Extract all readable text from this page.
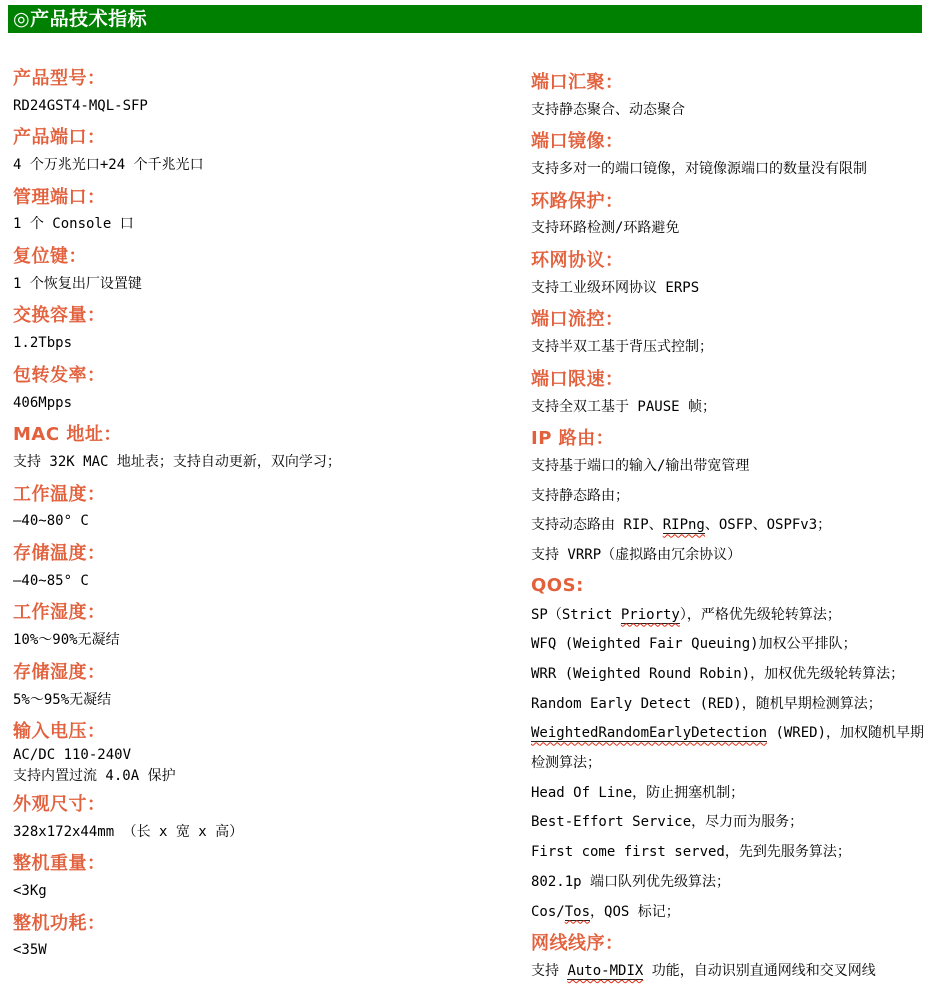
◎产品技术指标
产品型号：
RD24GST4-MQL-SFP
产品端口：
4 个万兆光口+24 个千兆光口
管理端口：
1 个 Console 口
复位键：
1 个恢复出厂设置键
交换容量：
1.2Tbps
包转发率：
406Mpps
MAC 地址：
支持 32K MAC 地址表；支持自动更新，双向学习；
工作温度：
—40~80° C
存储温度：
—40~85° C
工作湿度：
10%～90%无凝结
存储湿度：
5%～95%无凝结
输入电压：
AC/DC 110-240V
支持内置过流 4.0A 保护
外观尺寸：
328x172x44mm （长 x 宽 x 高）
整机重量：
<3Kg
整机功耗：
<35W
端口汇聚：
支持静态聚合、动态聚合
端口镜像：
支持多对一的端口镜像，对镜像源端口的数量没有限制
环路保护：
支持环路检测/环路避免
环网协议：
支持工业级环网协议 ERPS
端口流控：
支持半双工基于背压式控制；
端口限速：
支持全双工基于 PAUSE 帧；
IP 路由：
支持基于端口的输入/输出带宽管理
支持静态路由；
支持动态路由 RIP、RIPng、OSFP、OSPFv3；
支持 VRRP（虚拟路由冗余协议）
QOS:
SP（Strict Priorty），严格优先级轮转算法；
WFQ (Weighted Fair Queuing)加权公平排队；
WRR (Weighted Round Robin)，加权优先级轮转算法；
Random Early Detect (RED)，随机早期检测算法；
WeightedRandomEarlyDetection (WRED)，加权随机早期检测算法；
Head Of Line，防止拥塞机制；
Best-Effort Service，尽力而为服务；
First come first served，先到先服务算法；
802.1p 端口队列优先级算法；
Cos/Tos，QOS 标记；
网线线序：
支持 Auto-MDIX 功能，自动识别直通网线和交叉网线
